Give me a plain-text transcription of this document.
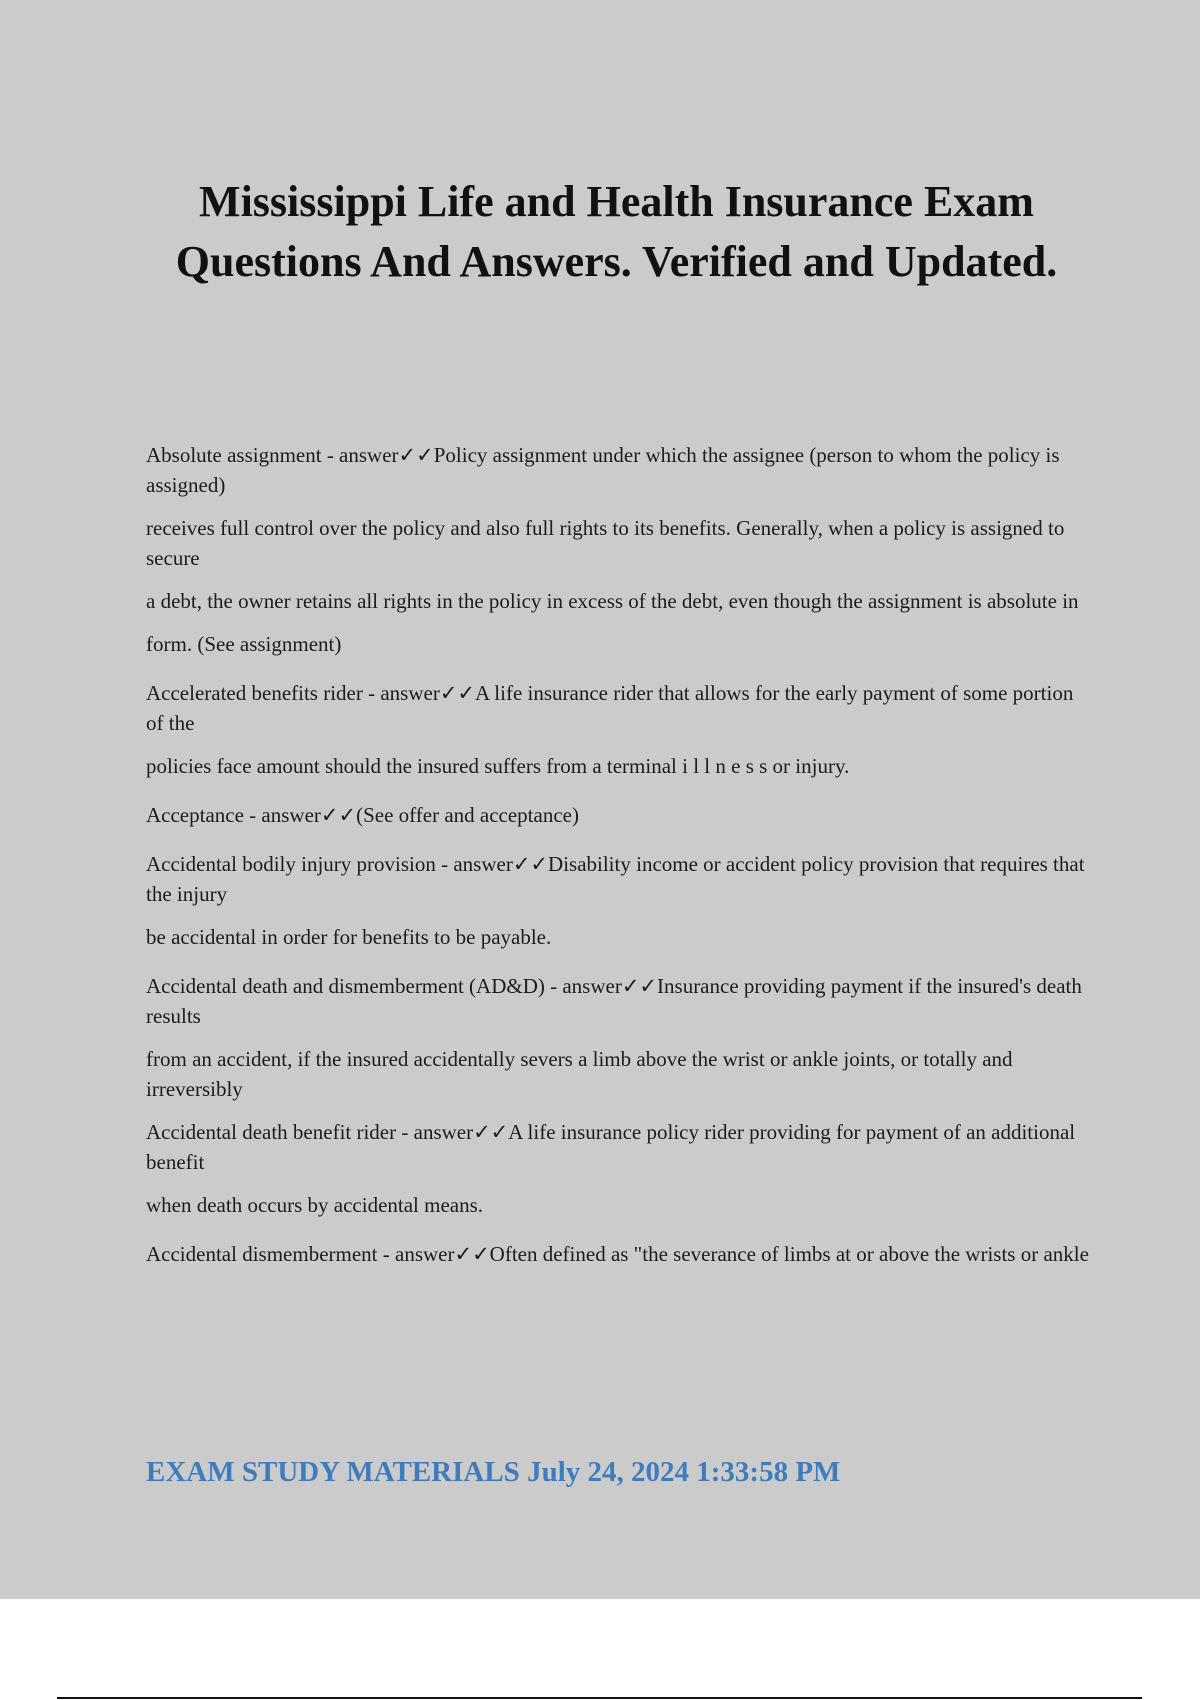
Mississippi Life and Health Insurance Exam Questions And Answers. Verified and Updated.

Absolute assignment - answer✓✓Policy assignment under which the assignee (person to whom the policy is assigned)

receives full control over the policy and also full rights to its benefits. Generally, when a policy is assigned to secure

a debt, the owner retains all rights in the policy in excess of the debt, even though the assignment is absolute in

form. (See assignment)

Accelerated benefits rider - answer✓✓A life insurance rider that allows for the early payment of some portion of the

policies face amount should the insured suffers from a terminal i l l n e s s or injury.

Acceptance - answer✓✓(See offer and acceptance)

Accidental bodily injury provision - answer✓✓Disability income or accident policy provision that requires that the injury

be accidental in order for benefits to be payable.

Accidental death and dismemberment (AD&D) - answer✓✓Insurance providing payment if the insured's death results

from an accident, if the insured accidentally severs a limb above the wrist or ankle joints, or totally and irreversibly

Accidental death benefit rider - answer✓✓A life insurance policy rider providing for payment of an additional benefit

when death occurs by accidental means.

Accidental dismemberment - answer✓✓Often defined as "the severance of limbs at or above the wrists or ankle

EXAM STUDY MATERIALS July 24, 2024 1:33:58 PM
